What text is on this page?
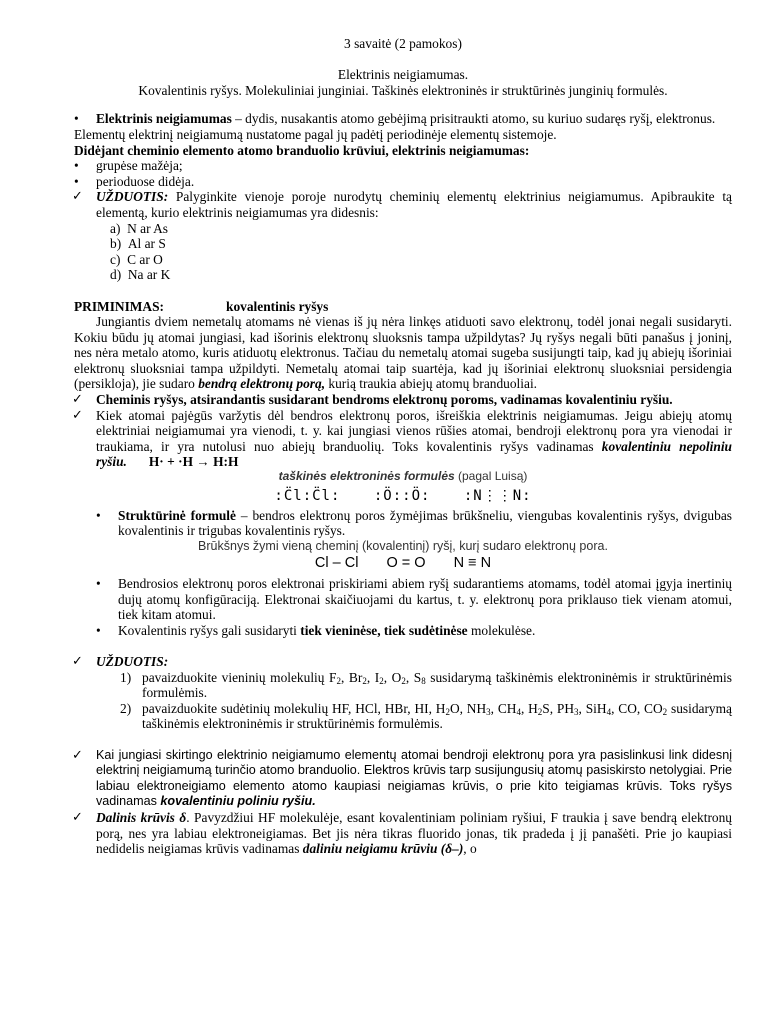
3 savaitė (2 pamokos)

Elektrinis neigiamumas.

Kovalentinis ryšys. Molekuliniai junginiai. Taškinės elektroninės ir struktūrinės junginių formulės.

•

Elektrinis neigiamumas – dydis, nusakantis atomo gebėjimą prisitraukti atomo, su kuriuo sudaręs ryšį, elektronus.

Elementų elektrinį neigiamumą nustatome pagal jų padėtį periodinėje elementų sistemoje.

Didėjant cheminio elemento atomo branduolio krūviui, elektrinis neigiamumas:

•

grupėse mažėja;

•

perioduose didėja.

✓ UŽDUOTIS: Palyginkite vienoje poroje nurodytų cheminių elementų elektrinius neigiamumus. Apibraukite tą elementą, kurio elektrinis neigiamumas yra didesnis:

a) N ar As
b) Al ar S
c) C ar O
d) Na ar K

PRIMINIMAS:	kovalentinis ryšys

Jungiantis dviem nemetalų atomams nė vienas iš jų nėra linkęs atiduoti savo elektronų, todėl jonai negali susidaryti. Kokiu būdu jų atomai jungiasi, kad išorinis elektronų sluoksnis tampa užpildytas? Jų ryšys negali būti panašus į joninį, nes nėra metalo atomo, kuris atiduotų elektronus. Tačiau du nemetalų atomai sugeba susijungti taip, kad jų abiejų išoriniai elektronų sluoksniai tampa užpildyti. Nemetalų atomai taip suartėja, kad jų išoriniai elektronų sluoksniai persidengia (persikloja), jie sudaro bendrą elektronų porą, kurią traukia abiejų atomų branduoliai.

✓ Cheminis ryšys, atsirandantis susidarant bendroms elektronų poroms, vadinamas kovalentiniu ryšiu.

✓ Kiek atomai pajėgūs varžytis dėl bendros elektronų poros, išreiškia elektrinis neigiamumas. Jeigu abiejų atomų elektriniai neigiamumai yra vienodi, t. y. kai jungiasi vienos rūšies atomai, bendroji elektronų pora yra vienodai ir traukiama, ir yra nutolusi nuo abiejų branduolių. Toks kovalentinis ryšys vadinamas kovalentiniu nepoliniu ryšiu. H· + ·H → H:H

taškinės elektroninės formulės (pagal Luisą)
:C̈l:C̈l: :Ö::Ö: :N⋮⋮N:
•

Struktūrinė formulė – bendros elektronų poros žymėjimas brūkšneliu, viengubas kovalentinis ryšys, dvigubas kovalentinis ir trigubas kovalentinis ryšys.

Brūkšnys žymi vieną cheminį (kovalentinį) ryšį, kurį sudaro elektronų pora.
Cl – Cl O = O N ≡ N
•

Bendrosios elektronų poros elektronai priskiriami abiem ryšį sudarantiems atomams, todėl atomai įgyja inertinių dujų atomų konfigūraciją. Elektronai skaičiuojami du kartus, t. y. elektronų pora priklauso tiek vienam atomui, tiek kitam atomui.

•

Kovalentinis ryšys gali susidaryti tiek vieninėse, tiek sudėtinėse molekulėse.

✓ UŽDUOTIS:

1) pavaizduokite vieninių molekulių $F_2$, $Br_2$, $I_2$, $O_2$, $S_8$ susidarymą taškinėmis elektroninėmis ir struktūrinėmis formulėmis.

2) pavaizduokite sudėtinių molekulių HF, HCl, HBr, HI, $H_2O$, $NH_3$, $CH_4$, $H_2S$, $PH_3$, SiH$_4$, CO, $CO_2$ susidarymą taškinėmis elektroninėmis ir struktūrinėmis formulėmis.

✓	Kai jungiasi skirtingo elektrinio neigiamumo elementų atomai bendroji elektronų pora yra pasislinkusi link didesnį elektrinį neigiamumą turinčio atomo branduolio. Elektros krūvis tarp susijungusių atomų pasiskirsto netolygiai. Prie labiau elektroneigiamo elemento atomo kaupiasi neigiamas krūvis, o prie kito teigiamas krūvis. Toks ryšys vadinamas kovalentiniu poliniu ryšiu.

✓ Dalinis krūvis δ. Pavyzdžiui HF molekulėje, esant kovalentiniam poliniam ryšiui, F traukia į save bendrą elektronų porą, nes yra labiau elektroneigiamas. Bet jis nėra tikras fluorido jonas, tik pradeda į jį panašėti. Prie jo kaupiasi nedidelis neigiamas krūvis vadinamas daliniu neigiamu krūviu (δ–), o
